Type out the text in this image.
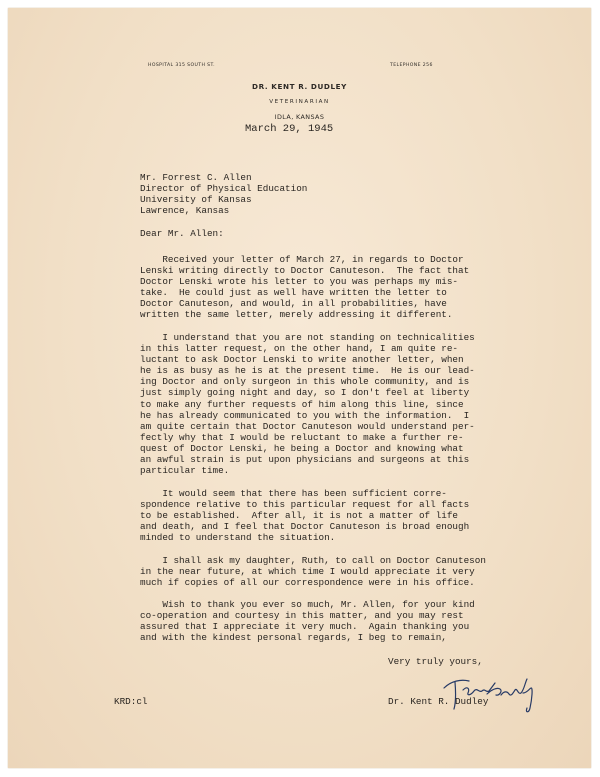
HOSPITAL 315 SOUTH ST.	TELEPHONE 256
DR. KENT R. DUDLEY
VETERINARIAN
IDLA, KANSAS
March 29, 1945
Mr. Forrest C. Allen
Director of Physical Education
University of Kansas
Lawrence, Kansas
Dear Mr. Allen:
Received your letter of March 27, in regards to Doctor
Lenski writing directly to Doctor Canuteson.  The fact that
Doctor Lenski wrote his letter to you was perhaps my mis-
take.  He could just as well have written the letter to
Doctor Canuteson, and would, in all probabilities, have
written the same letter, merely addressing it different.
I understand that you are not standing on technicalities
in this latter request, on the other hand, I am quite re-
luctant to ask Doctor Lenski to write another letter, when
he is as busy as he is at the present time.  He is our lead-
ing Doctor and only surgeon in this whole community, and is
just simply going night and day, so I don't feel at liberty
to make any further requests of him along this line, since
he has already communicated to you with the information.  I
am quite certain that Doctor Canuteson would understand per-
fectly why that I would be reluctant to make a further re-
quest of Doctor Lenski, he being a Doctor and knowing what
an awful strain is put upon physicians and surgeons at this
particular time.
It would seem that there has been sufficient corre-
spondence relative to this particular request for all facts
to be established.  After all, it is not a matter of life
and death, and I feel that Doctor Canuteson is broad enough
minded to understand the situation.
I shall ask my daughter, Ruth, to call on Doctor Canuteson
in the near future, at which time I would appreciate it very
much if copies of all our correspondence were in his office.
Wish to thank you ever so much, Mr. Allen, for your kind
co-operation and courtesy in this matter, and you may rest
assured that I appreciate it very much.  Again thanking you
and with the kindest personal regards, I beg to remain,
Very truly yours,
Dr. Kent R. Dudley
KRD:cl
